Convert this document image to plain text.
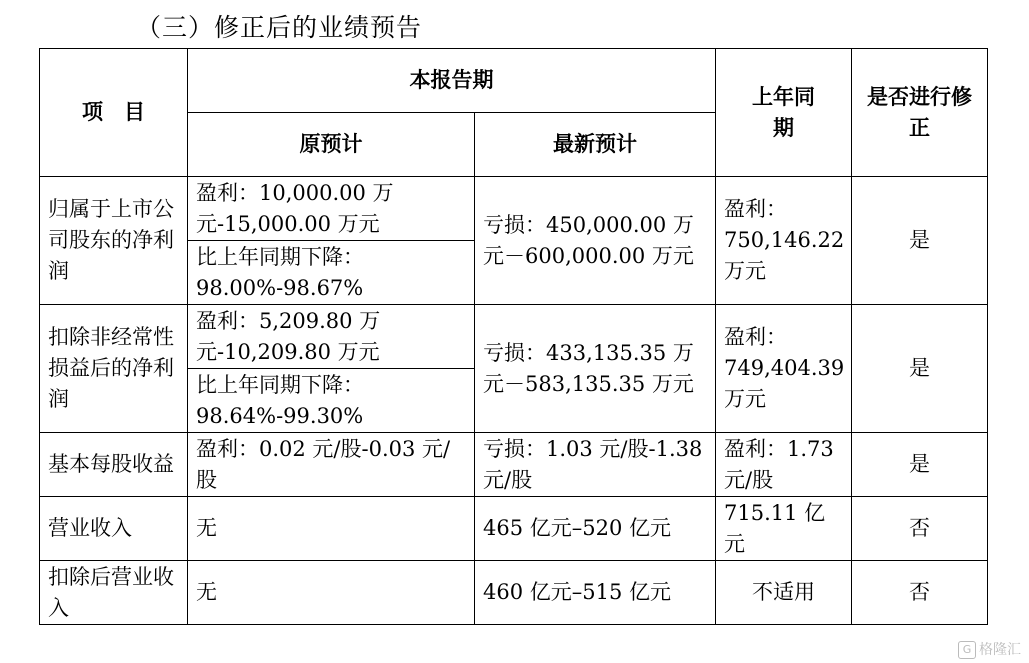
（三）修正后的业绩预告
项　目	本报告期		上年同期	是否进行修正
	原预计	最新预计		
归属于上市公司股东的净利润	盈利：10,000.00 万元-15,000.00 万元	亏损：450,000.00 万元－600,000.00 万元	盈利：750,146.22万元	是
	比上年同期下降：98.00%-98.67%			
扣除非经常性损益后的净利润	盈利：5,209.80 万元-10,209.80 万元	亏损：433,135.35 万元－583,135.35 万元	盈利：749,404.39万元	是
	比上年同期下降：98.64%-99.30%			
基本每股收益	盈利：0.02 元/股-0.03 元/股	亏损：1.03 元/股-1.38 元/股	盈利：1.73元/股	是
营业收入	无	465 亿元–520 亿元	715.11 亿元	否
扣除后营业收入	无	460 亿元–515 亿元	不适用	否
G 格隆汇
